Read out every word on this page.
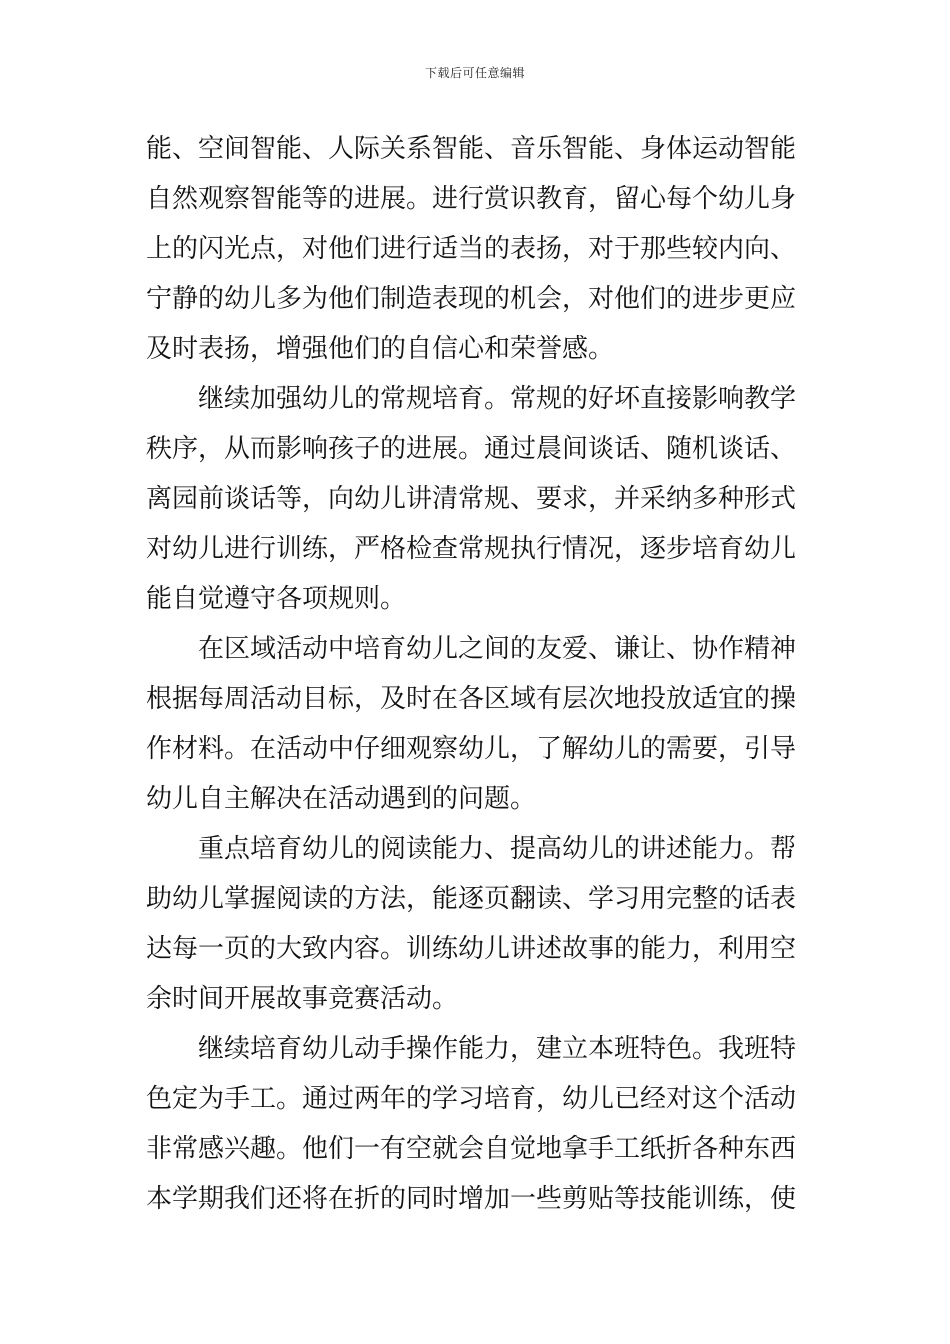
下载后可任意编辑
能、空间智能、人际关系智能、音乐智能、身体运动智能
自然观察智能等的进展。进行赏识教育，留心每个幼儿身
上的闪光点，对他们进行适当的表扬，对于那些较内向、
宁静的幼儿多为他们制造表现的机会，对他们的进步更应
及时表扬，增强他们的自信心和荣誉感。
继续加强幼儿的常规培育。常规的好坏直接影响教学
秩序，从而影响孩子的进展。通过晨间谈话、随机谈话、
离园前谈话等，向幼儿讲清常规、要求，并采纳多种形式
对幼儿进行训练，严格检查常规执行情况，逐步培育幼儿
能自觉遵守各项规则。
在区域活动中培育幼儿之间的友爱、谦让、协作精神
根据每周活动目标，及时在各区域有层次地投放适宜的操
作材料。在活动中仔细观察幼儿，了解幼儿的需要，引导
幼儿自主解决在活动遇到的问题。
重点培育幼儿的阅读能力、提高幼儿的讲述能力。帮
助幼儿掌握阅读的方法，能逐页翻读、学习用完整的话表
达每一页的大致内容。训练幼儿讲述故事的能力，利用空
余时间开展故事竞赛活动。
继续培育幼儿动手操作能力，建立本班特色。我班特
色定为手工。通过两年的学习培育，幼儿已经对这个活动
非常感兴趣。他们一有空就会自觉地拿手工纸折各种东西
本学期我们还将在折的同时增加一些剪贴等技能训练，使
